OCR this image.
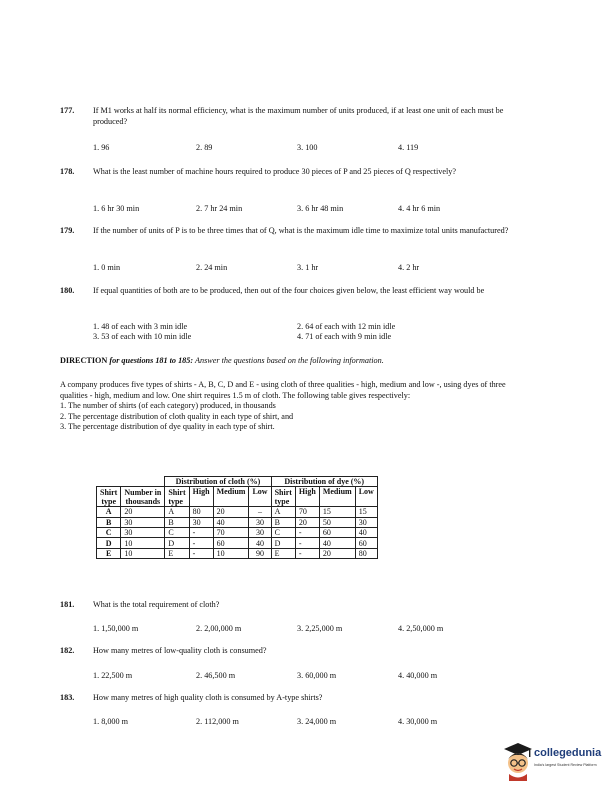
177. If M1 works at half its normal efficiency, what is the maximum number of units produced, if at least one unit of each must be produced?
1. 96	2. 89	3. 100	4. 119
178. What is the least number of machine hours required to produce 30 pieces of P and 25 pieces of Q respectively?
1. 6 hr 30 min	2. 7 hr 24 min	3. 6 hr 48 min	4. 4 hr 6 min
179. If the number of units of P is to be three times that of Q, what is the maximum idle time to maximize total units manufactured?
1. 0 min	2. 24 min	3. 1 hr	4. 2 hr
180. If equal quantities of both are to be produced, then out of the four choices given below, the least efficient way would be
1. 48 of each with 3 min idle	2. 64 of each with 12 min idle
3. 53 of each with 10 min idle	4. 71 of each with 9 min idle
DIRECTION for questions 181 to 185: Answer the questions based on the following information.
A company produces five types of shirts - A, B, C, D and E - using cloth of three qualities - high, medium and low -, using dyes of three qualities - high, medium and low. One shirt requires 1.5 m of cloth. The following table gives respectively:
1. The number of shirts (of each category) produced, in thousands
2. The percentage distribution of cloth quality in each type of shirt, and
3. The percentage distribution of dye quality in each type of shirt.
		Distribution of cloth (%)				Distribution of dye (%)			
Shirt	Number in	Shirt	High	Medium	Low	Shirt	High	Medium	Low
type	thousands	type				type			
A	20	A	80	20	–	A	70	15	15
B	30	B	30	40	30	B	20	50	30
C	30	C	-	70	30	C	-	60	40
D	10	D	-	60	40	D	-	40	60
E	10	E	-	10	90	E	-	20	80
181. What is the total requirement of cloth?
1. 1,50,000 m	2. 2,00,000 m	3. 2,25,000 m	4. 2,50,000 m
182. How many metres of low-quality cloth is consumed?
1. 22,500 m	2. 46,500 m	3. 60,000 m	4. 40,000 m
183. How many metres of high quality cloth is consumed by A-type shirts?
1. 8,000 m	2. 112,000 m	3. 24,000 m	4. 30,000 m
collegedunia
India's largest Student Review Platform
